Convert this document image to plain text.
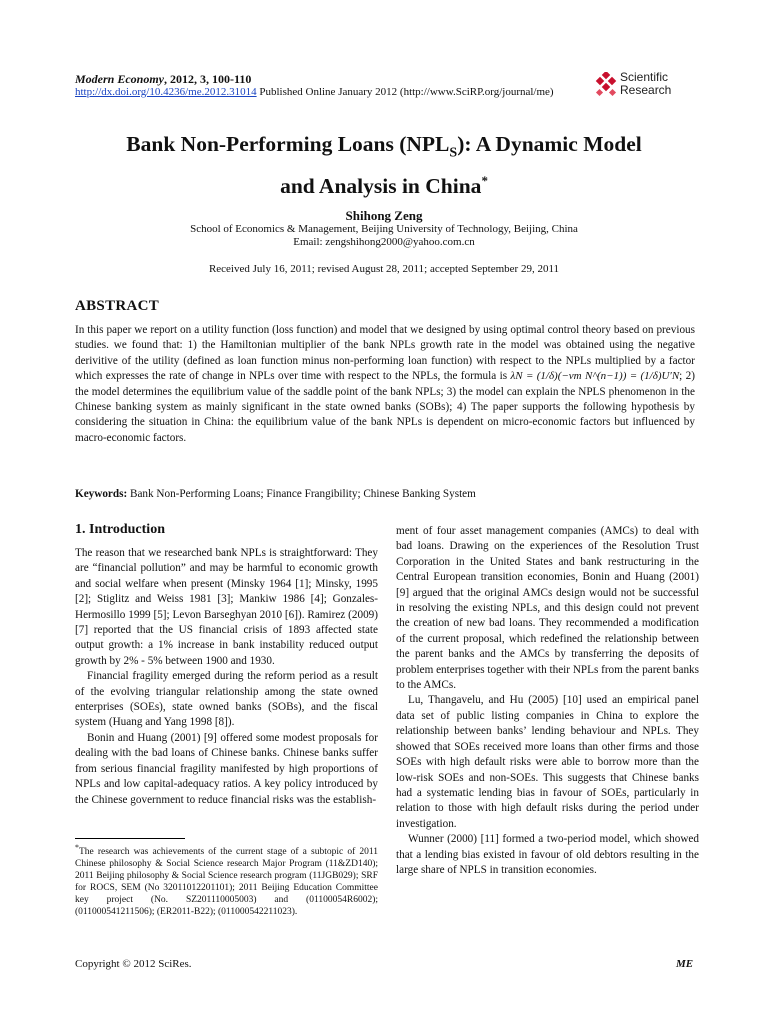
Modern Economy, 2012, 3, 100-110
http://dx.doi.org/10.4236/me.2012.31014 Published Online January 2012 (http://www.SciRP.org/journal/me)
Scientific
Research
Bank Non-Performing Loans $(NPL_S)$: A Dynamic Model
and Analysis in China*
Shihong Zeng
School of Economics & Management, Beijing University of Technology, Beijing, China
Email: zengshihong2000@yahoo.com.cn
Received July 16, 2011; revised August 28, 2011; accepted September 29, 2011
ABSTRACT
In this paper we report on a utility function (loss function) and model that we designed by using optimal control theory based on previous studies. we found that: 1) the Hamiltonian multiplier of the bank NPLs growth rate in the model was obtained using the negative derivitive of the utility (defined as loan function minus non-performing loan function) with respect to the NPLs multiplied by a factor which expresses the rate of change in NPLs over time with respect to the NPLs, the formula is λN = (1/δ)(−vm N^(n−1)) = (1/δ)U′N; 2) the model determines the equilibrium value of the saddle point of the bank NPLs; 3) the model can explain the NPLS phenomenon in the Chinese banking system as mainly significant in the state owned banks (SOBs); 4) The paper supports the following hypothesis by considering the situation in China: the equilibrium value of the bank NPLs is dependent on micro-economic factors but influenced by macro-economic factors.
Keywords: Bank Non-Performing Loans; Finance Frangibility; Chinese Banking System
1. Introduction

The reason that we researched bank NPLs is straightforward: They are “financial pollution” and may be harmful to economic growth and social welfare when present (Minsky 1964 [1]; Minsky, 1995 [2]; Stiglitz and Weiss 1981 [3]; Mankiw 1986 [4]; Gonzales-Hermosillo 1999 [5]; Levon Barseghyan 2010 [6]). Ramirez (2009) [7] reported that the US financial crisis of 1893 affected state output growth: a 1% increase in bank instability reduced output growth by 2% - 5% between 1900 and 1930.

Financial fragility emerged during the reform period as a result of the evolving triangular relationship among the state owned enterprises (SOEs), state owned banks (SOBs), and the fiscal system (Huang and Yang 1998 [8]).

Bonin and Huang (2001) [9] offered some modest proposals for dealing with the bad loans of Chinese banks. Chinese banks suffer from serious financial fragility manifested by high proportions of NPLs and low capital-adequacy ratios. A key policy introduced by the Chinese government to reduce financial risks was the establish-

ment of four asset management companies (AMCs) to deal with bad loans. Drawing on the experiences of the Resolution Trust Corporation in the United States and bank restructuring in the Central European transition economies, Bonin and Huang (2001) [9] argued that the original AMCs design would not be successful in resolving the existing NPLs, and this design could not prevent the creation of new bad loans. They recommended a modification of the current proposal, which redefined the relationship between the parent banks and the AMCs by transferring the deposits of problem enterprises together with their NPLs from the parent banks to the AMCs.

Lu, Thangavelu, and Hu (2005) [10] used an empirical panel data set of public listing companies in China to explore the relationship between banks’ lending behaviour and NPLs. They showed that SOEs received more loans than other firms and those SOEs with high default risks were able to borrow more than the low-risk SOEs and non-SOEs. This suggests that Chinese banks had a systematic lending bias in favour of SOEs, particularly in relation to those with high default risks during the period under investigation.

Wunner (2000) [11] formed a two-period model, which showed that a lending bias existed in favour of old debtors resulting in the large share of NPLS in transition economies.

*The research was achievements of the current stage of a subtopic of 2011 Chinese philosophy & Social Science research Major Program (11&ZD140); 2011 Beijing philosophy & Social Science research program (11JGB029); SRF for ROCS, SEM (No 32011012201101); 2011 Beijing Education Committee key project (No. SZ201110005003) and (01100054R6002); (011000541211506); (ER2011-B22); (011000542211023).
Copyright © 2012 SciRes.	ME
